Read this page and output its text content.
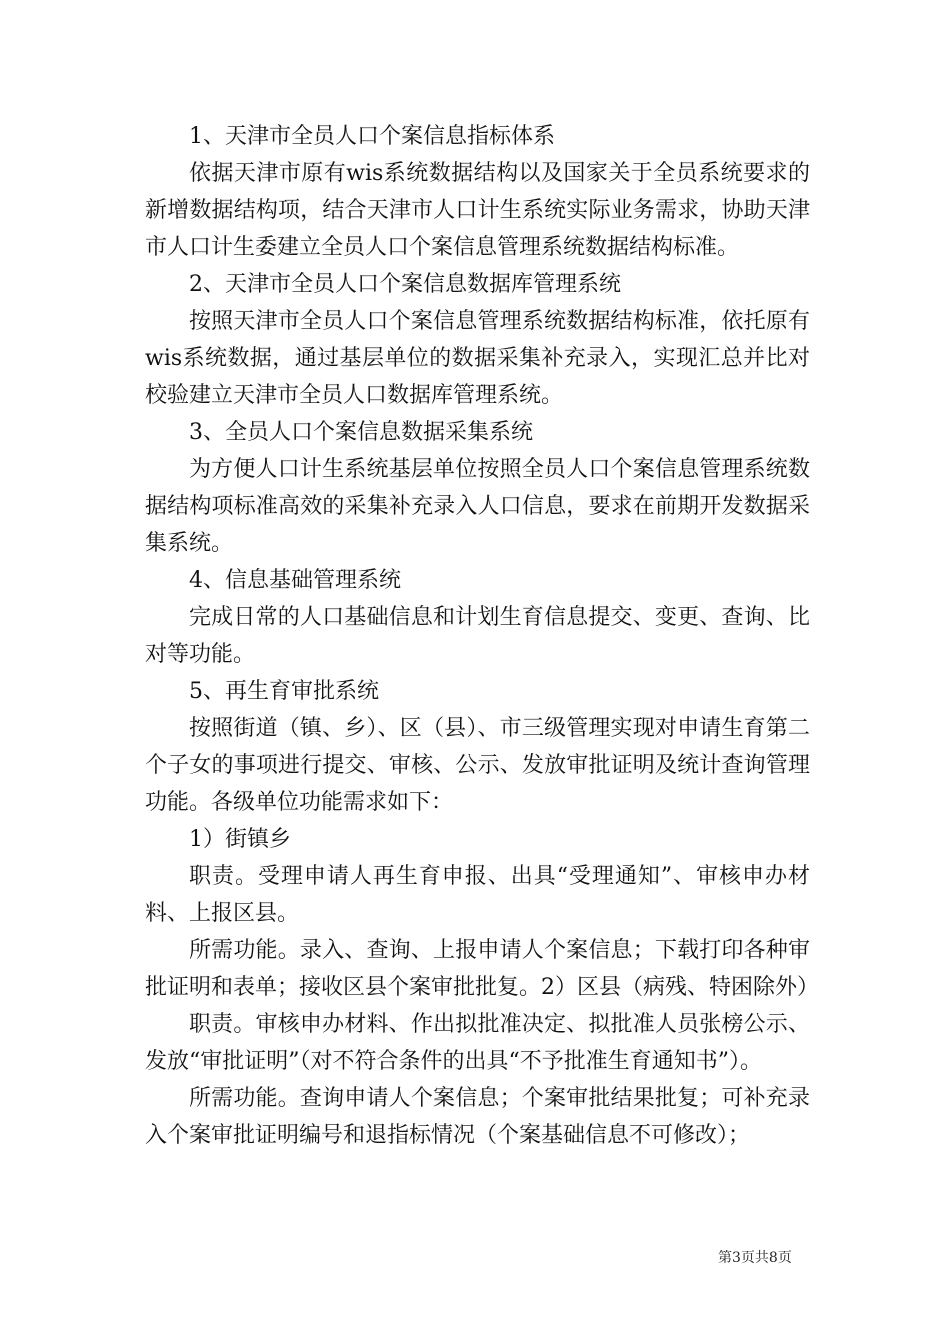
1、天津市全员人口个案信息指标体系

依据天津市原有wis系统数据结构以及国家关于全员系统要求的新增数据结构项，结合天津市人口计生系统实际业务需求，协助天津市人口计生委建立全员人口个案信息管理系统数据结构标准。

2、天津市全员人口个案信息数据库管理系统

按照天津市全员人口个案信息管理系统数据结构标准，依托原有wis系统数据，通过基层单位的数据采集补充录入，实现汇总并比对校验建立天津市全员人口数据库管理系统。

3、全员人口个案信息数据采集系统

为方便人口计生系统基层单位按照全员人口个案信息管理系统数据结构项标准高效的采集补充录入人口信息，要求在前期开发数据采集系统。

4、信息基础管理系统

完成日常的人口基础信息和计划生育信息提交、变更、查询、比对等功能。

5、再生育审批系统

按照街道（镇、乡）、区（县）、市三级管理实现对申请生育第二个子女的事项进行提交、审核、公示、发放审批证明及统计查询管理功能。各级单位功能需求如下：

1）街镇乡

职责。受理申请人再生育申报、出具“受理通知”、审核申办材料、上报区县。

所需功能。录入、查询、上报申请人个案信息；下载打印各种审批证明和表单；接收区县个案审批批复。2）区县（病残、特困除外）

职责。审核申办材料、作出拟批准决定、拟批准人员张榜公示、发放“审批证明”（对不符合条件的出具“不予批准生育通知书”）。

所需功能。查询申请人个案信息；个案审批结果批复；可补充录入个案审批证明编号和退指标情况（个案基础信息不可修改）；

第3页共8页
